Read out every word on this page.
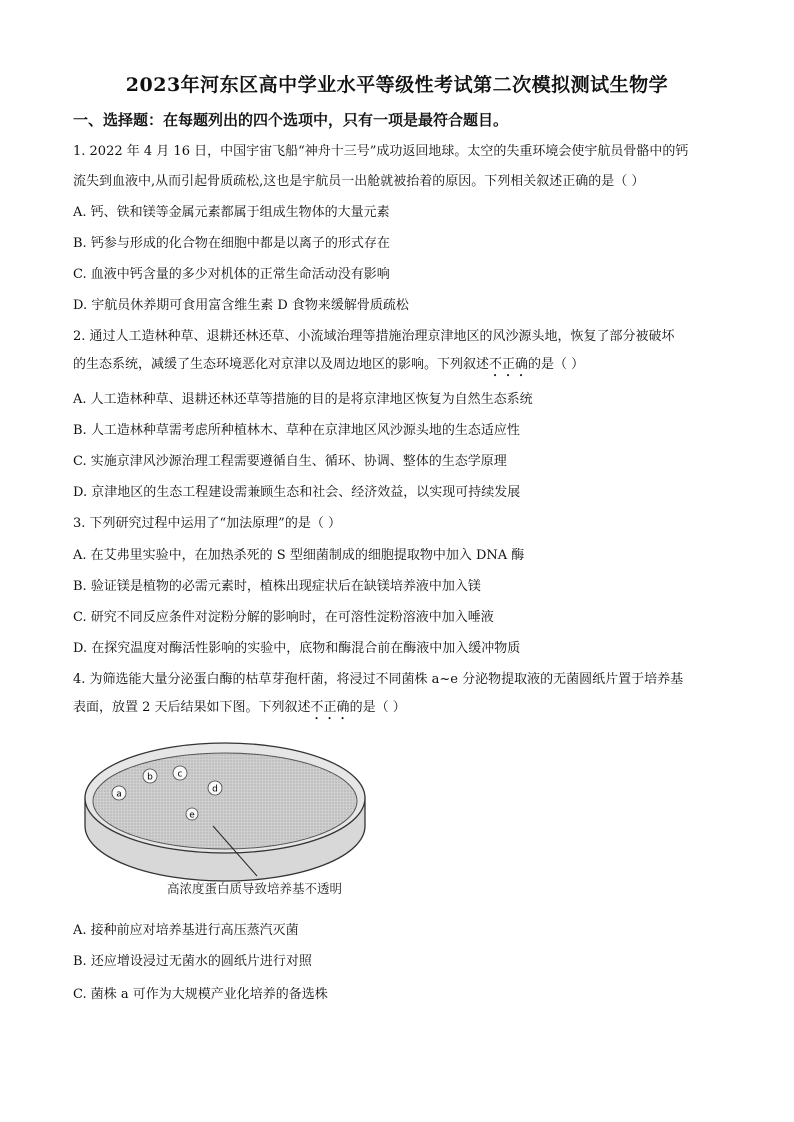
2023年河东区高中学业水平等级性考试第二次模拟测试生物学
一、选择题：在每题列出的四个选项中，只有一项是最符合题目。
1. 2022 年 4 月 16 日，中国宇宙飞船“神舟十三号”成功返回地球。太空的失重环境会使宇航员骨骼中的钙
流失到血液中,从而引起骨质疏松,这也是宇航员一出舱就被抬着的原因。下列相关叙述正确的是（ ）
A. 钙、铁和镁等金属元素都属于组成生物体的大量元素
B. 钙参与形成的化合物在细胞中都是以离子的形式存在
C. 血液中钙含量的多少对机体的正常生命活动没有影响
D. 宇航员休养期可食用富含维生素 D 食物来缓解骨质疏松
2. 通过人工造林种草、退耕还林还草、小流域治理等措施治理京津地区的风沙源头地，恢复了部分被破坏
的生态系统，减缓了生态环境恶化对京津以及周边地区的影响。下列叙述不正确的是（ ）
A. 人工造林种草、退耕还林还草等措施的目的是将京津地区恢复为自然生态系统
B. 人工造林种草需考虑所种植林木、草种在京津地区风沙源头地的生态适应性
C. 实施京津风沙源治理工程需要遵循自生、循环、协调、整体的生态学原理
D. 京津地区的生态工程建设需兼顾生态和社会、经济效益，以实现可持续发展
3. 下列研究过程中运用了“加法原理”的是（ ）
A. 在艾弗里实验中，在加热杀死的 S 型细菌制成的细胞提取物中加入 DNA 酶
B. 验证镁是植物的必需元素时，植株出现症状后在缺镁培养液中加入镁
C. 研究不同反应条件对淀粉分解的影响时，在可溶性淀粉溶液中加入唾液
D. 在探究温度对酶活性影响的实验中，底物和酶混合前在酶液中加入缓冲物质
4. 为筛选能大量分泌蛋白酶的枯草芽孢杆菌，将浸过不同菌株 a~e 分泌物提取液的无菌圆纸片置于培养基
表面，放置 2 天后结果如下图。下列叙述不正确的是（ ）
a
b	c
d
e
高浓度蛋白质导致培养基不透明
A. 接种前应对培养基进行高压蒸汽灭菌
B. 还应增设浸过无菌水的圆纸片进行对照
C. 菌株 a 可作为大规模产业化培养的备选株
